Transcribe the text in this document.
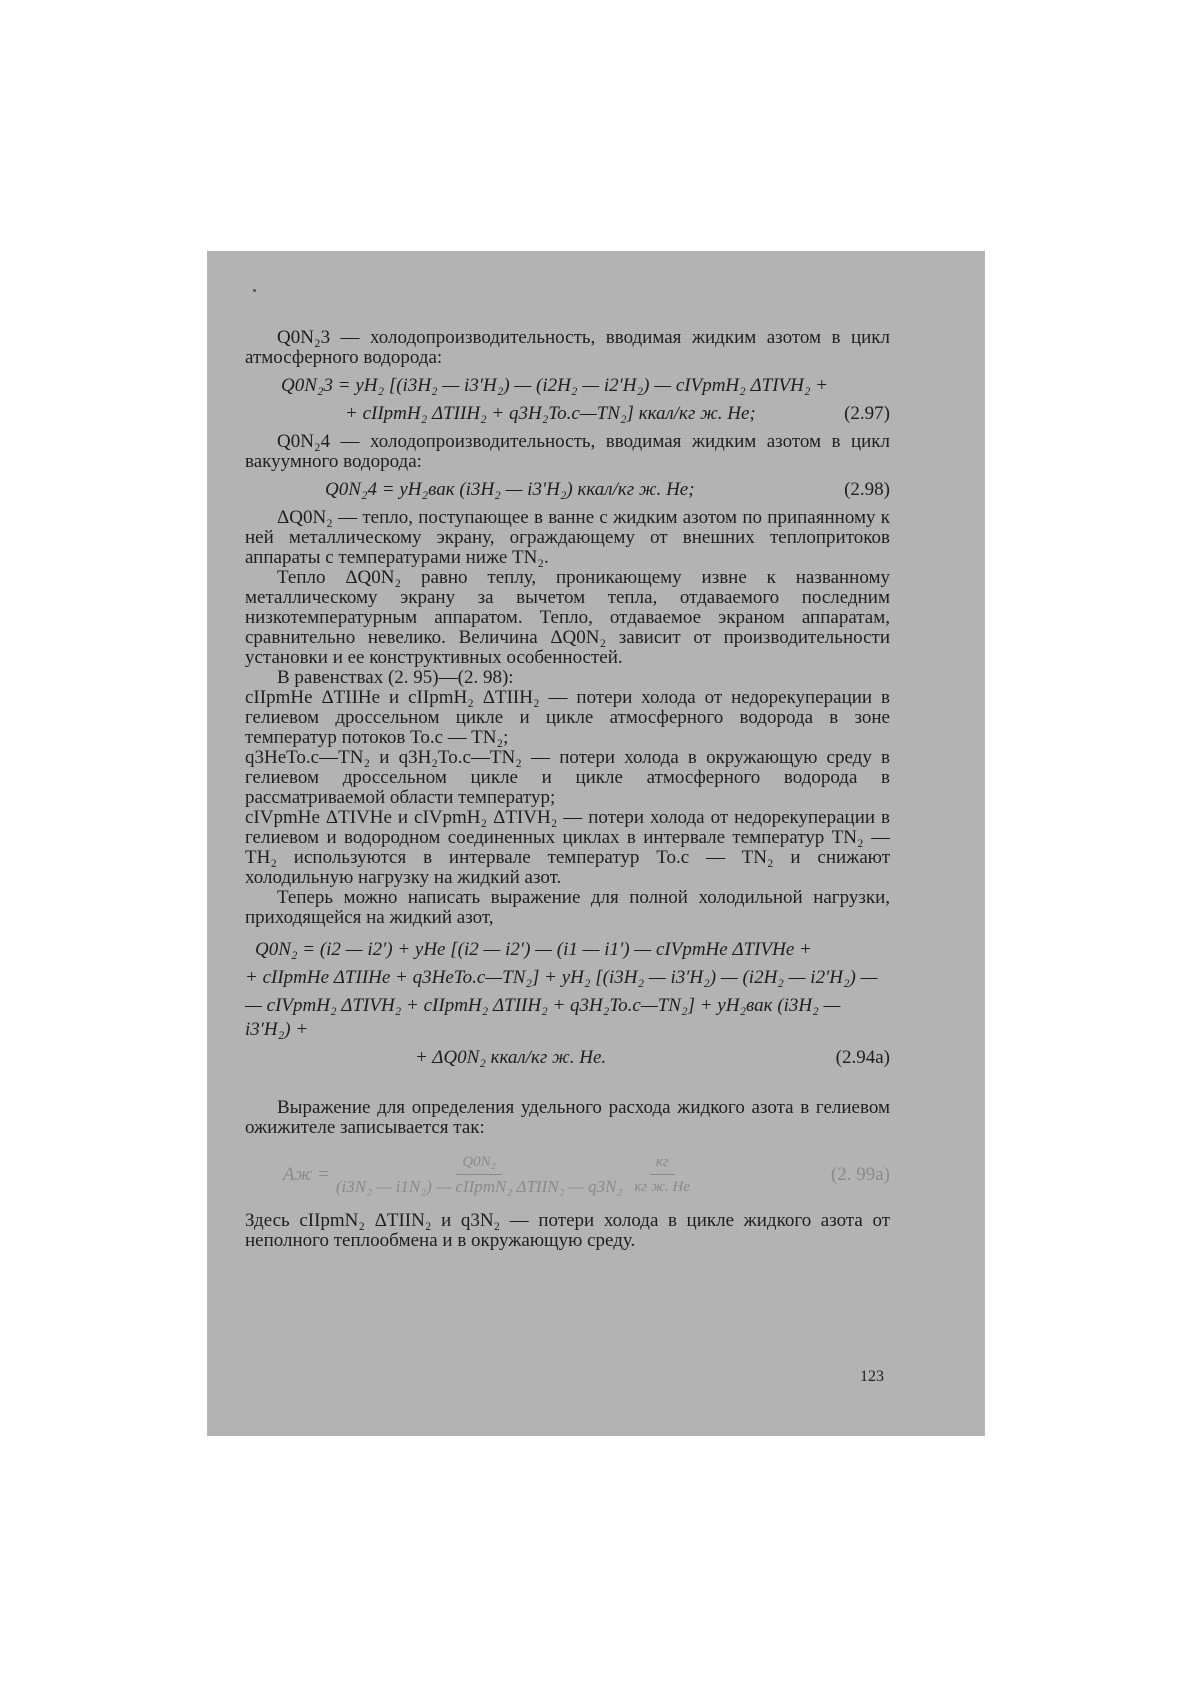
Q0N₂3 — холодопроизводительность, вводимая жидким азотом в цикл атмосферного водорода:

Q0N₂3 = yH₂ [(i3H₂ — i3′H₂) — (i2H₂ — i2′H₂) — cIVpmH₂ ΔTIVH₂ +
+ cIIpmH₂ ΔTIIH₂ + q3H₂To.c—TN₂] ккал/кг ж. He;	(2.97)

Q0N₂4 — холодопроизводительность, вводимая жидким азотом в цикл вакуумного водорода:

Q0N₂4 = yH₂вак (i3H₂ — i3′H₂) ккал/кг ж. He;	(2.98)

ΔQ0N₂ — тепло, поступающее в ванне с жидким азотом по припаянному к ней металлическому экрану, ограждающему от внешних теплопритоков аппараты с температурами ниже TN₂.

Тепло ΔQ0N₂ равно теплу, проникающему извне к названному металлическому экрану за вычетом тепла, отдаваемого последним низкотемпературным аппаратом. Тепло, отдаваемое экраном аппаратам, сравнительно невелико. Величина ΔQ0N₂ зависит от производительности установки и ее конструктивных особенностей.

В равенствах (2. 95)—(2. 98):

cIIpmHe ΔTIIHe и cIIpmH₂ ΔTIIH₂ — потери холода от недорекуперации в гелиевом дроссельном цикле и цикле атмосферного водорода в зоне температур потоков To.c — TN₂;

q3HeTo.c—TN₂ и q3H₂To.c—TN₂ — потери холода в окружающую среду в гелиевом дроссельном цикле и цикле атмосферного водорода в рассматриваемой области температур;

cIVpmHe ΔTIVHe и cIVpmH₂ ΔTIVH₂ — потери холода от недорекуперации в гелиевом и водородном соединенных циклах в интервале температур TN₂ — TH₂ используются в интервале температур To.c — TN₂ и снижают холодильную нагрузку на жидкий азот.

Теперь можно написать выражение для полной холодильной нагрузки, приходящейся на жидкий азот,

Q0N₂ = (i2 — i2′) + yHe [(i2 — i2′) — (i1 — i1′) — cIVpmHe ΔTIVHe +
+ cIIpmHe ΔTIIHe + q3HeTo.c—TN₂] + yH₂ [(i3H₂ — i3′H₂) — (i2H₂ — i2′H₂) —
— cIVpmH₂ ΔTIVH₂ + cIIpmH₂ ΔTIIH₂ + q3H₂To.c—TN₂] + yH₂вак (i3H₂ — i3′H₂) +
+ ΔQ0N₂ ккал/кг ж. He.	(2.94a)

Выражение для определения удельного расхода жидкого азота в гелиевом ожижителе записывается так:

Aж = $\frac{\text{Q0N₂}}{\text{(i3N₂ — i1N₂) — cIIpmN₂ ΔTIIN₂ — q3N₂}} \frac{кг}{\text{кг ж. He}}$	(2. 99a)

Здесь cIIpmN₂ ΔTIIN₂ и q3N₂ — потери холода в цикле жидкого азота от неполного теплообмена и в окружающую среду.

123
